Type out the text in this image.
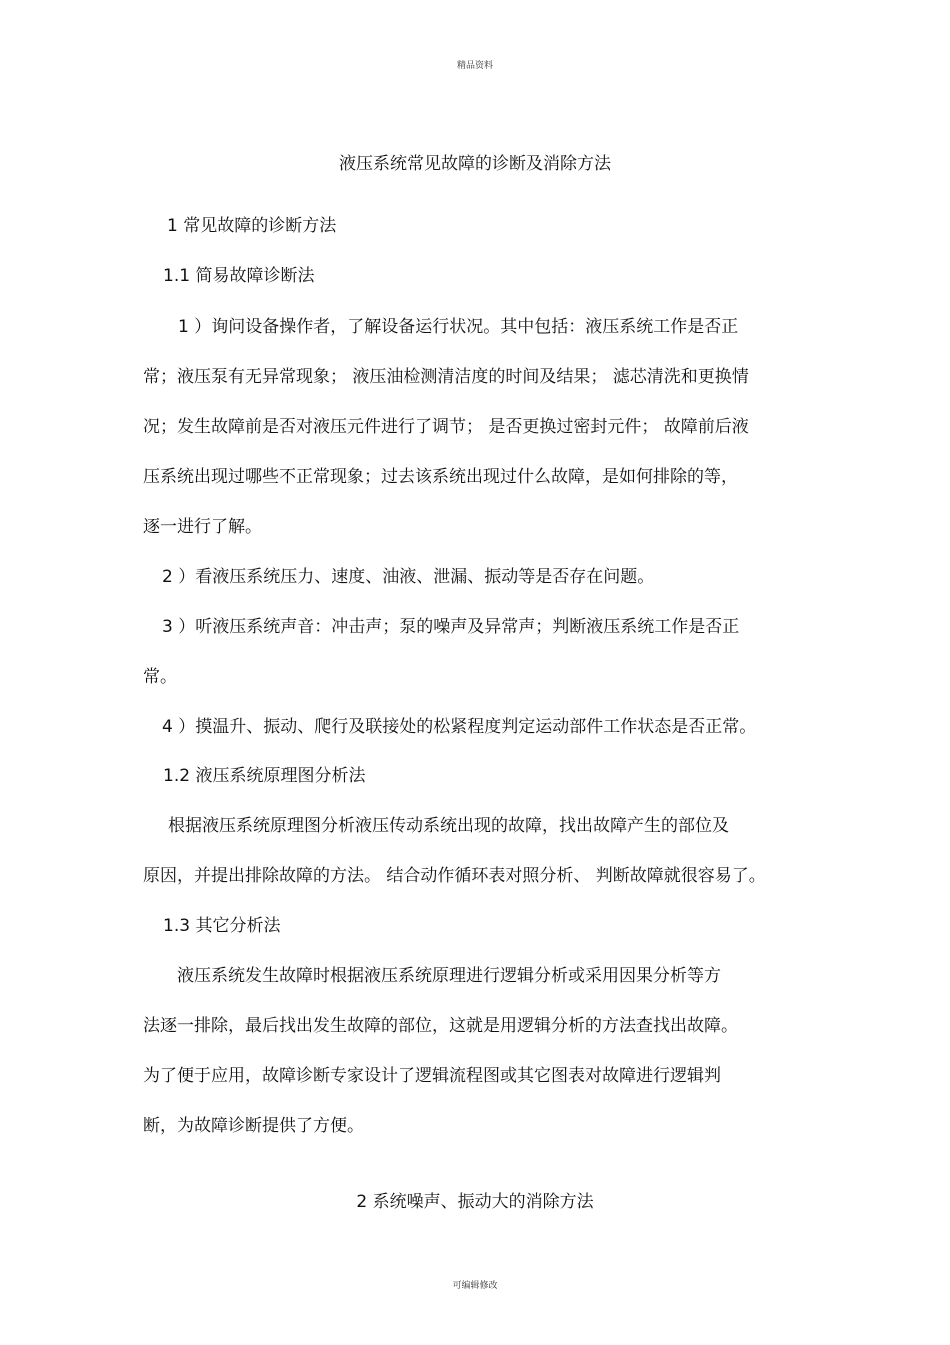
精品资料
液压系统常见故障的诊断及消除方法
1 常见故障的诊断方法
1.1 简易故障诊断法
1 ）询问设备操作者，了解设备运行状况。其中包括：液压系统工作是否正
常；液压泵有无异常现象； 液压油检测清洁度的时间及结果； 滤芯清洗和更换情
况；发生故障前是否对液压元件进行了调节； 是否更换过密封元件； 故障前后液
压系统出现过哪些不正常现象；过去该系统出现过什么故障，是如何排除的等，
逐一进行了解。
2 ）看液压系统压力、速度、油液、泄漏、振动等是否存在问题。
3 ）听液压系统声音：冲击声；泵的噪声及异常声；判断液压系统工作是否正
常。
4 ）摸温升、振动、爬行及联接处的松紧程度判定运动部件工作状态是否正常。
1.2 液压系统原理图分析法
根据液压系统原理图分析液压传动系统出现的故障，找出故障产生的部位及
原因，并提出排除故障的方法。 结合动作循环表对照分析、 判断故障就很容易了。
1.3 其它分析法
液压系统发生故障时根据液压系统原理进行逻辑分析或采用因果分析等方
法逐一排除，最后找出发生故障的部位，这就是用逻辑分析的方法查找出故障。
为了便于应用，故障诊断专家设计了逻辑流程图或其它图表对故障进行逻辑判
断，为故障诊断提供了方便。
2 系统噪声、振动大的消除方法
可编辑修改
